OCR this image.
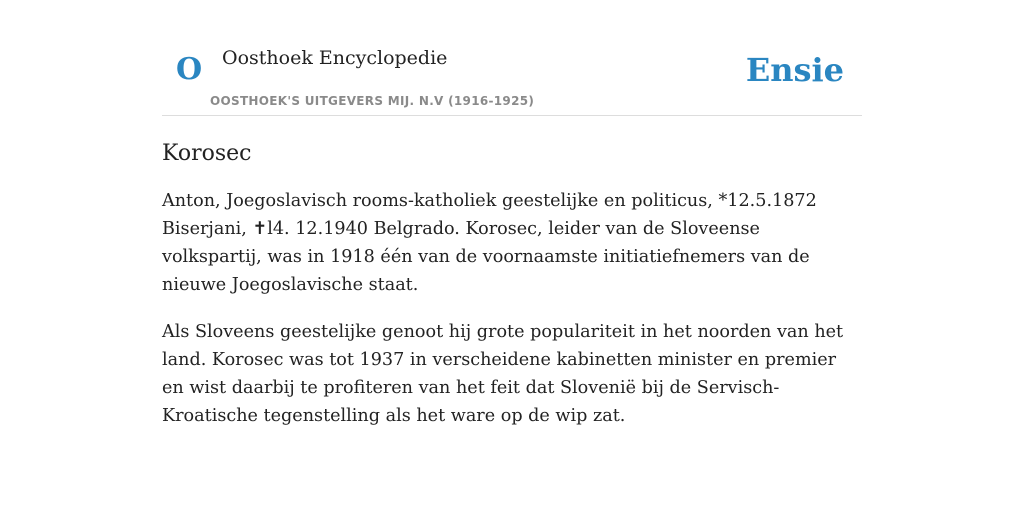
O Oosthoek Encyclopedie
OOSTHOEK'S UITGEVERS MIJ. N.V (1916-1925)
Ensie
Korosec

Anton, Joegoslavisch rooms-katholiek geestelijke en politicus, *12.5.1872 Biserjani, ✝l4. 12.1940 Belgrado. Korosec, leider van de Sloveense volkspartij, was in 1918 één van de voornaamste initiatiefnemers van de nieuwe Joegoslavische staat.

Als Sloveens geestelijke genoot hij grote populariteit in het noorden van het land. Korosec was tot 1937 in verscheidene kabinetten minister en premier en wist daarbij te profiteren van het feit dat Slovenië bij de Servisch-Kroatische tegenstelling als het ware op de wip zat.
